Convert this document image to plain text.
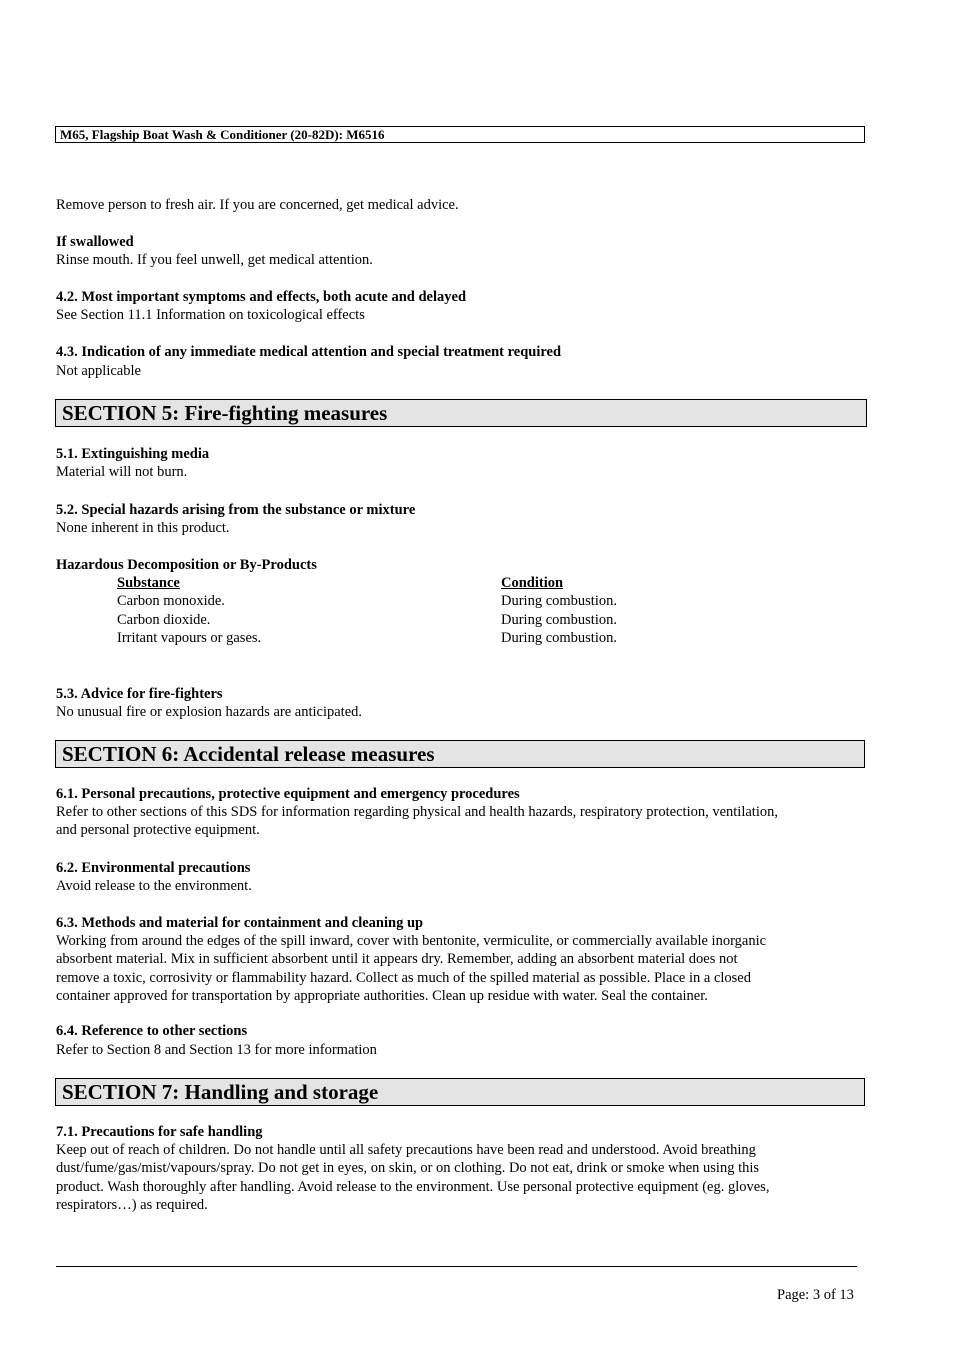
M65, Flagship Boat Wash & Conditioner (20-82D): M6516
Remove person to fresh air. If you are concerned, get medical advice.
If swallowed
Rinse mouth. If you feel unwell, get medical attention.
4.2. Most important symptoms and effects, both acute and delayed
See Section 11.1 Information on toxicological effects
4.3. Indication of any immediate medical attention and special treatment required
Not applicable
SECTION 5: Fire-fighting measures
5.1. Extinguishing media
Material will not burn.
5.2. Special hazards arising from the substance or mixture
None inherent in this product.
Hazardous Decomposition or By-Products
Substance	Condition
Carbon monoxide.	During combustion.
Carbon dioxide.	During combustion.
Irritant vapours or gases.	During combustion.
5.3. Advice for fire-fighters
No unusual fire or explosion hazards are anticipated.
SECTION 6: Accidental release measures
6.1. Personal precautions, protective equipment and emergency procedures
Refer to other sections of this SDS for information regarding physical and health hazards, respiratory protection, ventilation,
and personal protective equipment.
6.2. Environmental precautions
Avoid release to the environment.
6.3. Methods and material for containment and cleaning up
Working from around the edges of the spill inward, cover with bentonite, vermiculite, or commercially available inorganic
absorbent material. Mix in sufficient absorbent until it appears dry. Remember, adding an absorbent material does not
remove a toxic, corrosivity or flammability hazard. Collect as much of the spilled material as possible. Place in a closed
container approved for transportation by appropriate authorities. Clean up residue with water. Seal the container.
6.4. Reference to other sections
Refer to Section 8 and Section 13 for more information
SECTION 7: Handling and storage
7.1. Precautions for safe handling
Keep out of reach of children. Do not handle until all safety precautions have been read and understood. Avoid breathing
dust/fume/gas/mist/vapours/spray. Do not get in eyes, on skin, or on clothing. Do not eat, drink or smoke when using this
product. Wash thoroughly after handling. Avoid release to the environment. Use personal protective equipment (eg. gloves,
respirators…) as required.
Page: 3 of 13
